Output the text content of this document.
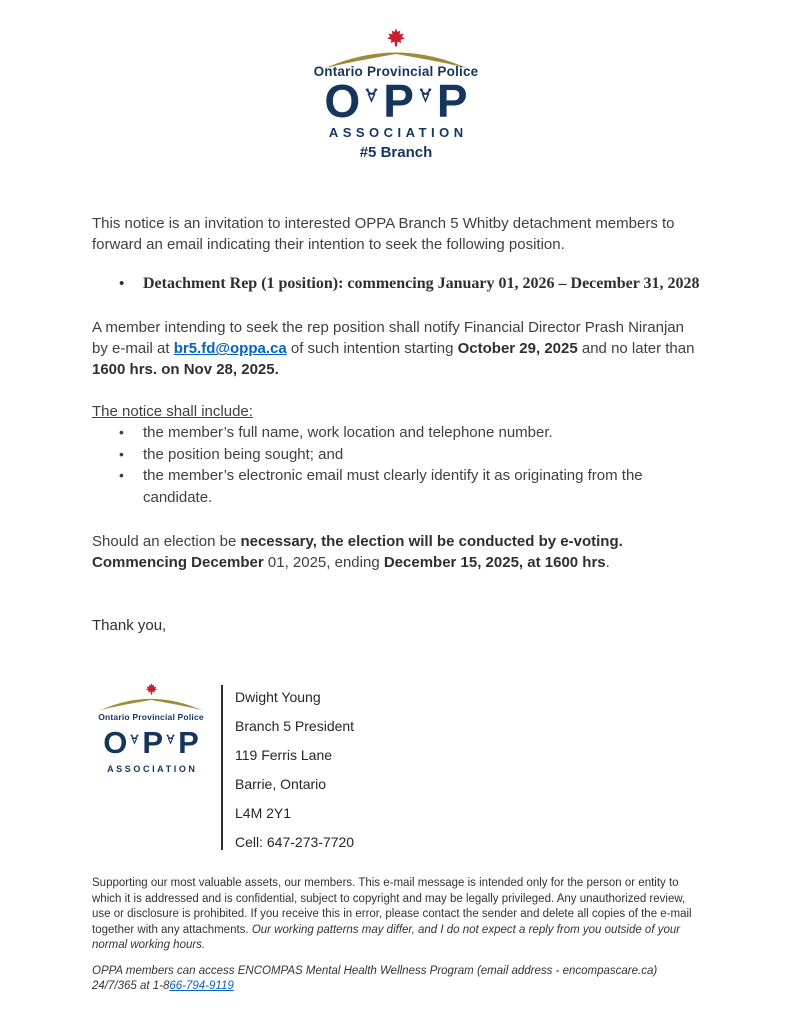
Ontario Provincial Police
O P P
ASSOCIATION
#5 Branch

This notice is an invitation to interested OPPA Branch 5 Whitby detachment members to forward an email indicating their intention to seek the following position.

• Detachment Rep (1 position): commencing January 01, 2026 – December 31, 2028

A member intending to seek the rep position shall notify Financial Director Prash Niranjan by e-mail at br5.fd@oppa.ca of such intention starting October 29, 2025 and no later than 1600 hrs. on Nov 28, 2025.

The notice shall include:

• the member’s full name, work location and telephone number.
• the position being sought; and
• the member’s electronic email must clearly identify it as originating from the candidate.

Should an election be necessary, the election will be conducted by e-voting. Commencing December 01, 2025, ending December 15, 2025, at 1600 hrs.

Thank you,

Ontario Provincial Police
O P P
ASSOCIATION
Dwight Young
Branch 5 President
119 Ferris Lane
Barrie, Ontario
L4M 2Y1
Cell: 647-273-7720

Supporting our most valuable assets, our members. This e-mail message is intended only for the person or entity to which it is addressed and is confidential, subject to copyright and may be legally privileged. Any unauthorized review, use or disclosure is prohibited. If you receive this in error, please contact the sender and delete all copies of the e-mail together with any attachments. Our working patterns may differ, and I do not expect a reply from you outside of your normal working hours.

OPPA members can access ENCOMPAS Mental Health Wellness Program (email address - encompascare.ca) 24/7/365 at 1-866-794-9119
